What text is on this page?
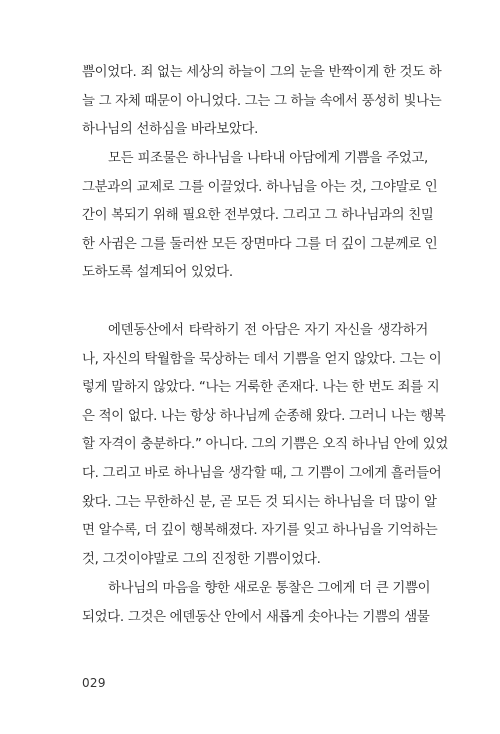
쁨이었다. 죄 없는 세상의 하늘이 그의 눈을 반짝이게 한 것도 하
늘 그 자체 때문이 아니었다. 그는 그 하늘 속에서 풍성히 빛나는
하나님의 선하심을 바라보았다.
모든 피조물은 하나님을 나타내 아담에게 기쁨을 주었고,
그분과의 교제로 그를 이끌었다. 하나님을 아는 것, 그야말로 인
간이 복되기 위해 필요한 전부였다. 그리고 그 하나님과의 친밀
한 사귐은 그를 둘러싼 모든 장면마다 그를 더 깊이 그분께로 인
도하도록 설계되어 있었다.
에덴동산에서 타락하기 전 아담은 자기 자신을 생각하거
나, 자신의 탁월함을 묵상하는 데서 기쁨을 얻지 않았다. 그는 이
렇게 말하지 않았다. “나는 거룩한 존재다. 나는 한 번도 죄를 지
은 적이 없다. 나는 항상 하나님께 순종해 왔다. 그러니 나는 행복
할 자격이 충분하다.” 아니다. 그의 기쁨은 오직 하나님 안에 있었
다. 그리고 바로 하나님을 생각할 때, 그 기쁨이 그에게 흘러들어
왔다. 그는 무한하신 분, 곧 모든 것 되시는 하나님을 더 많이 알
면 알수록, 더 깊이 행복해졌다. 자기를 잊고 하나님을 기억하는
것, 그것이야말로 그의 진정한 기쁨이었다.
하나님의 마음을 향한 새로운 통찰은 그에게 더 큰 기쁨이
되었다. 그것은 에덴동산 안에서 새롭게 솟아나는 기쁨의 샘물
029
